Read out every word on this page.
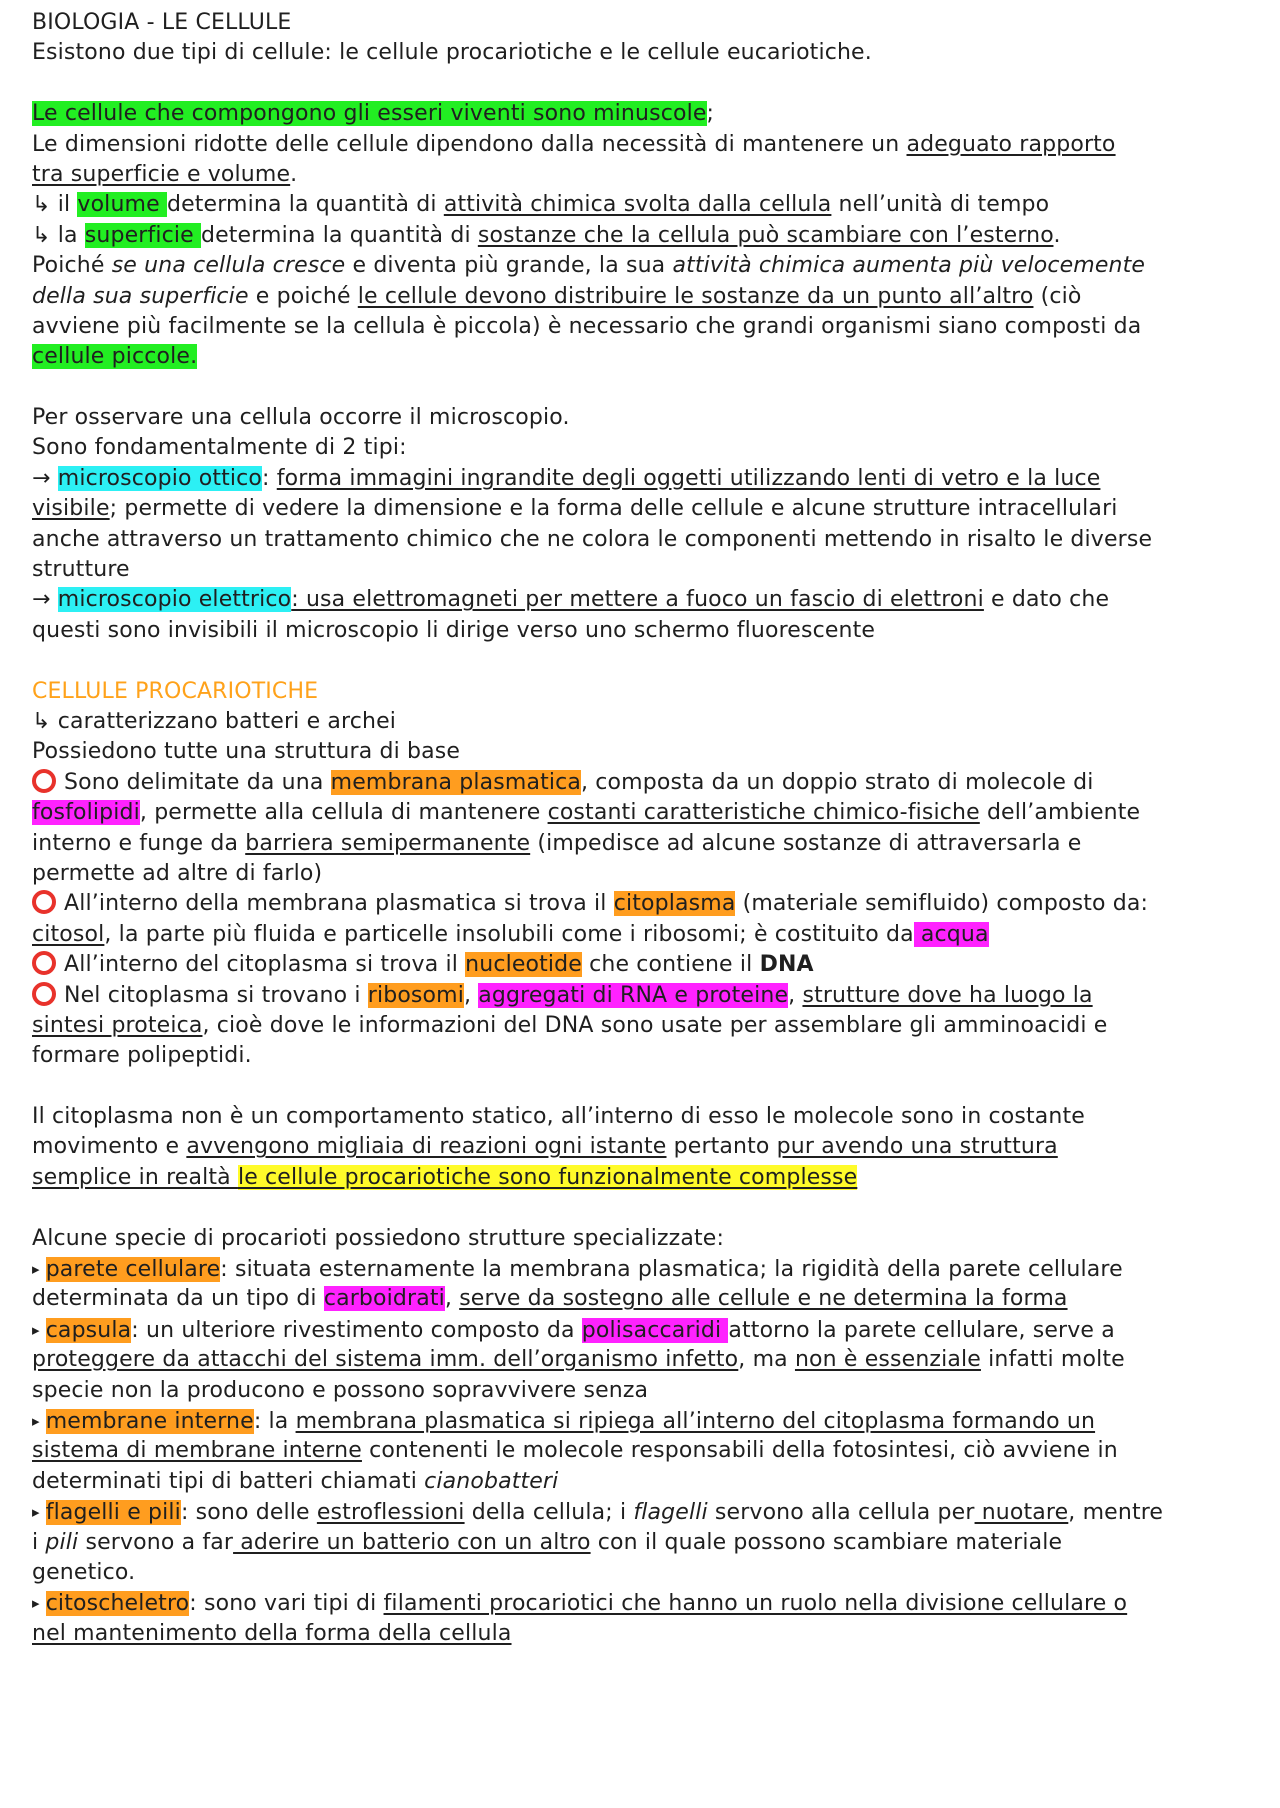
BIOLOGIA - LE CELLULE
Esistono due tipi di cellule: le cellule procariotiche e le cellule eucariotiche.
Le cellule che compongono gli esseri viventi sono minuscole;
Le dimensioni ridotte delle cellule dipendono dalla necessità di mantenere un adeguato rapporto
tra superficie e volume.
↳ il volume determina la quantità di attività chimica svolta dalla cellula nell’unità di tempo
↳ la superficie determina la quantità di sostanze che la cellula può scambiare con l’esterno.
Poiché se una cellula cresce e diventa più grande, la sua attività chimica aumenta più velocemente
della sua superficie e poiché le cellule devono distribuire le sostanze da un punto all’altro (ciò
avviene più facilmente se la cellula è piccola) è necessario che grandi organismi siano composti da
cellule piccole.
Per osservare una cellula occorre il microscopio.
Sono fondamentalmente di 2 tipi:
→ microscopio ottico: forma immagini ingrandite degli oggetti utilizzando lenti di vetro e la luce
visibile; permette di vedere la dimensione e la forma delle cellule e alcune strutture intracellulari
anche attraverso un trattamento chimico che ne colora le componenti mettendo in risalto le diverse
strutture
→ microscopio elettrico: usa elettromagneti per mettere a fuoco un fascio di elettroni e dato che
questi sono invisibili il microscopio li dirige verso uno schermo fluorescente
CELLULE PROCARIOTICHE
↳ caratterizzano batteri e archei
Possiedono tutte una struttura di base
Sono delimitate da una membrana plasmatica, composta da un doppio strato di molecole di
fosfolipidi, permette alla cellula di mantenere costanti caratteristiche chimico-fisiche dell’ambiente
interno e funge da barriera semipermanente (impedisce ad alcune sostanze di attraversarla e
permette ad altre di farlo)
All’interno della membrana plasmatica si trova il citoplasma (materiale semifluido) composto da:
citosol, la parte più fluida e particelle insolubili come i ribosomi; è costituito da acqua
All’interno del citoplasma si trova il nucleotide che contiene il DNA
Nel citoplasma si trovano i ribosomi, aggregati di RNA e proteine, strutture dove ha luogo la
sintesi proteica, cioè dove le informazioni del DNA sono usate per assemblare gli amminoacidi e
formare polipeptidi.
Il citoplasma non è un comportamento statico, all’interno di esso le molecole sono in costante
movimento e avvengono migliaia di reazioni ogni istante pertanto pur avendo una struttura
semplice in realtà le cellule procariotiche sono funzionalmente complesse
Alcune specie di procarioti possiedono strutture specializzate:
▸ parete cellulare: situata esternamente la membrana plasmatica; la rigidità della parete cellulare
determinata da un tipo di carboidrati, serve da sostegno alle cellule e ne determina la forma
▸ capsula: un ulteriore rivestimento composto da polisaccaridi attorno la parete cellulare, serve a
proteggere da attacchi del sistema imm. dell’organismo infetto, ma non è essenziale infatti molte
specie non la producono e possono sopravvivere senza
▸ membrane interne: la membrana plasmatica si ripiega all’interno del citoplasma formando un
sistema di membrane interne contenenti le molecole responsabili della fotosintesi, ciò avviene in
determinati tipi di batteri chiamati cianobatteri
▸ flagelli e pili: sono delle estroflessioni della cellula; i flagelli servono alla cellula per nuotare, mentre
i pili servono a far aderire un batterio con un altro con il quale possono scambiare materiale
genetico.
▸ citoscheletro: sono vari tipi di filamenti procariotici che hanno un ruolo nella divisione cellulare o
nel mantenimento della forma della cellula
